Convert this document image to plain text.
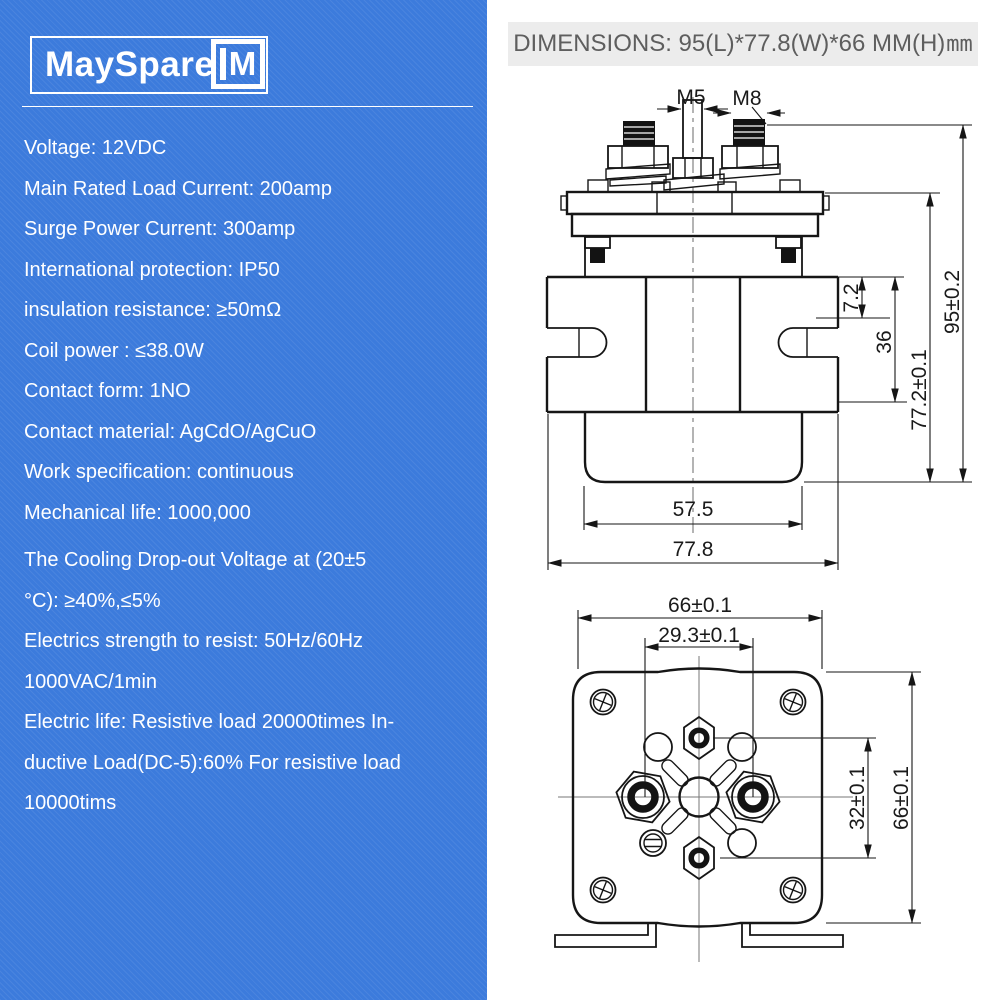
MaySpare M
Voltage: 12VDC
Main Rated Load Current: 200amp
Surge Power Current: 300amp
International protection: IP50
insulation resistance: ≥50mΩ
Coil power : ≤38.0W
Contact form: 1NO
Contact material: AgCdO/AgCuO
Work specification: continuous
Mechanical life: 1000,000
The Cooling Drop-out Voltage at (20±5
°C): ≥40%,≤5%
Electrics strength to resist: 50Hz/60Hz
1000VAC/1min
Electric life: Resistive load 20000times In-
ductive Load(DC-5):60% For resistive load
10000tims
DIMENSIONS: 95(L)*77.8(W)*66 MM(H) mm
M5 M8
7.2
36
77.2±0.1
95±0.2
57.5
77.8
66±0.1
29.3±0.1
32±0.1 66±0.1
